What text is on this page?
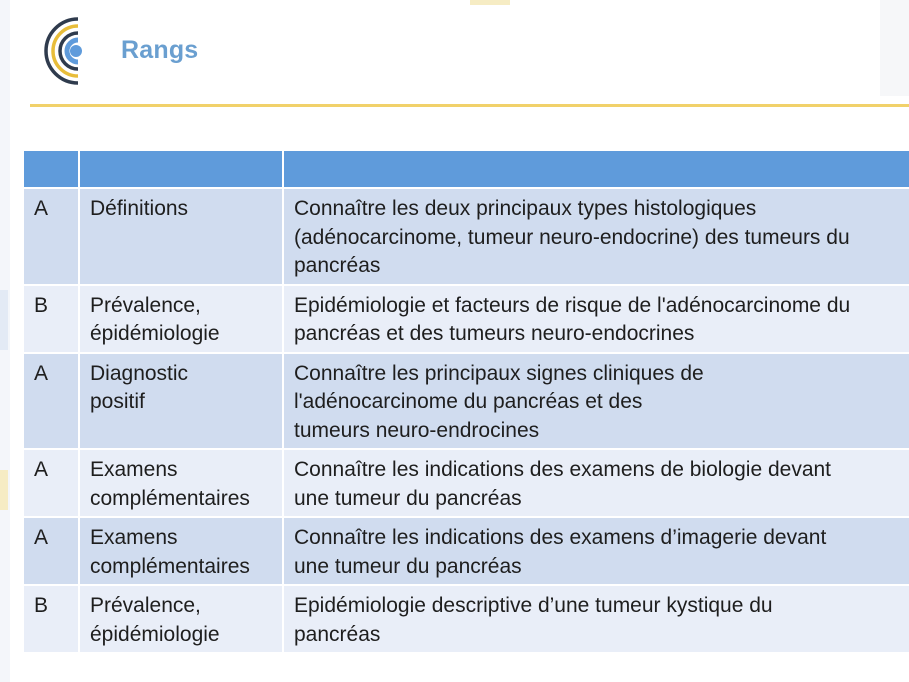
Rangs

A	Définitions	Connaître les deux principaux types histologiques
(adénocarcinome, tumeur neuro-endocrine) des tumeurs du
pancréas

B	Prévalence,
épidémiologie	Epidémiologie et facteurs de risque de l'adénocarcinome du
pancréas et des tumeurs neuro-endocrines

A	Diagnostic
positif	Connaître les principaux signes cliniques de
l'adénocarcinome du pancréas et des
tumeurs neuro-endrocines

A	Examens
complémentaires	Connaître les indications des examens de biologie devant
une tumeur du pancréas

A	Examens
complémentaires	Connaître les indications des examens d’imagerie devant
une tumeur du pancréas

B	Prévalence,
épidémiologie	Epidémiologie descriptive d’une tumeur kystique du
pancréas
